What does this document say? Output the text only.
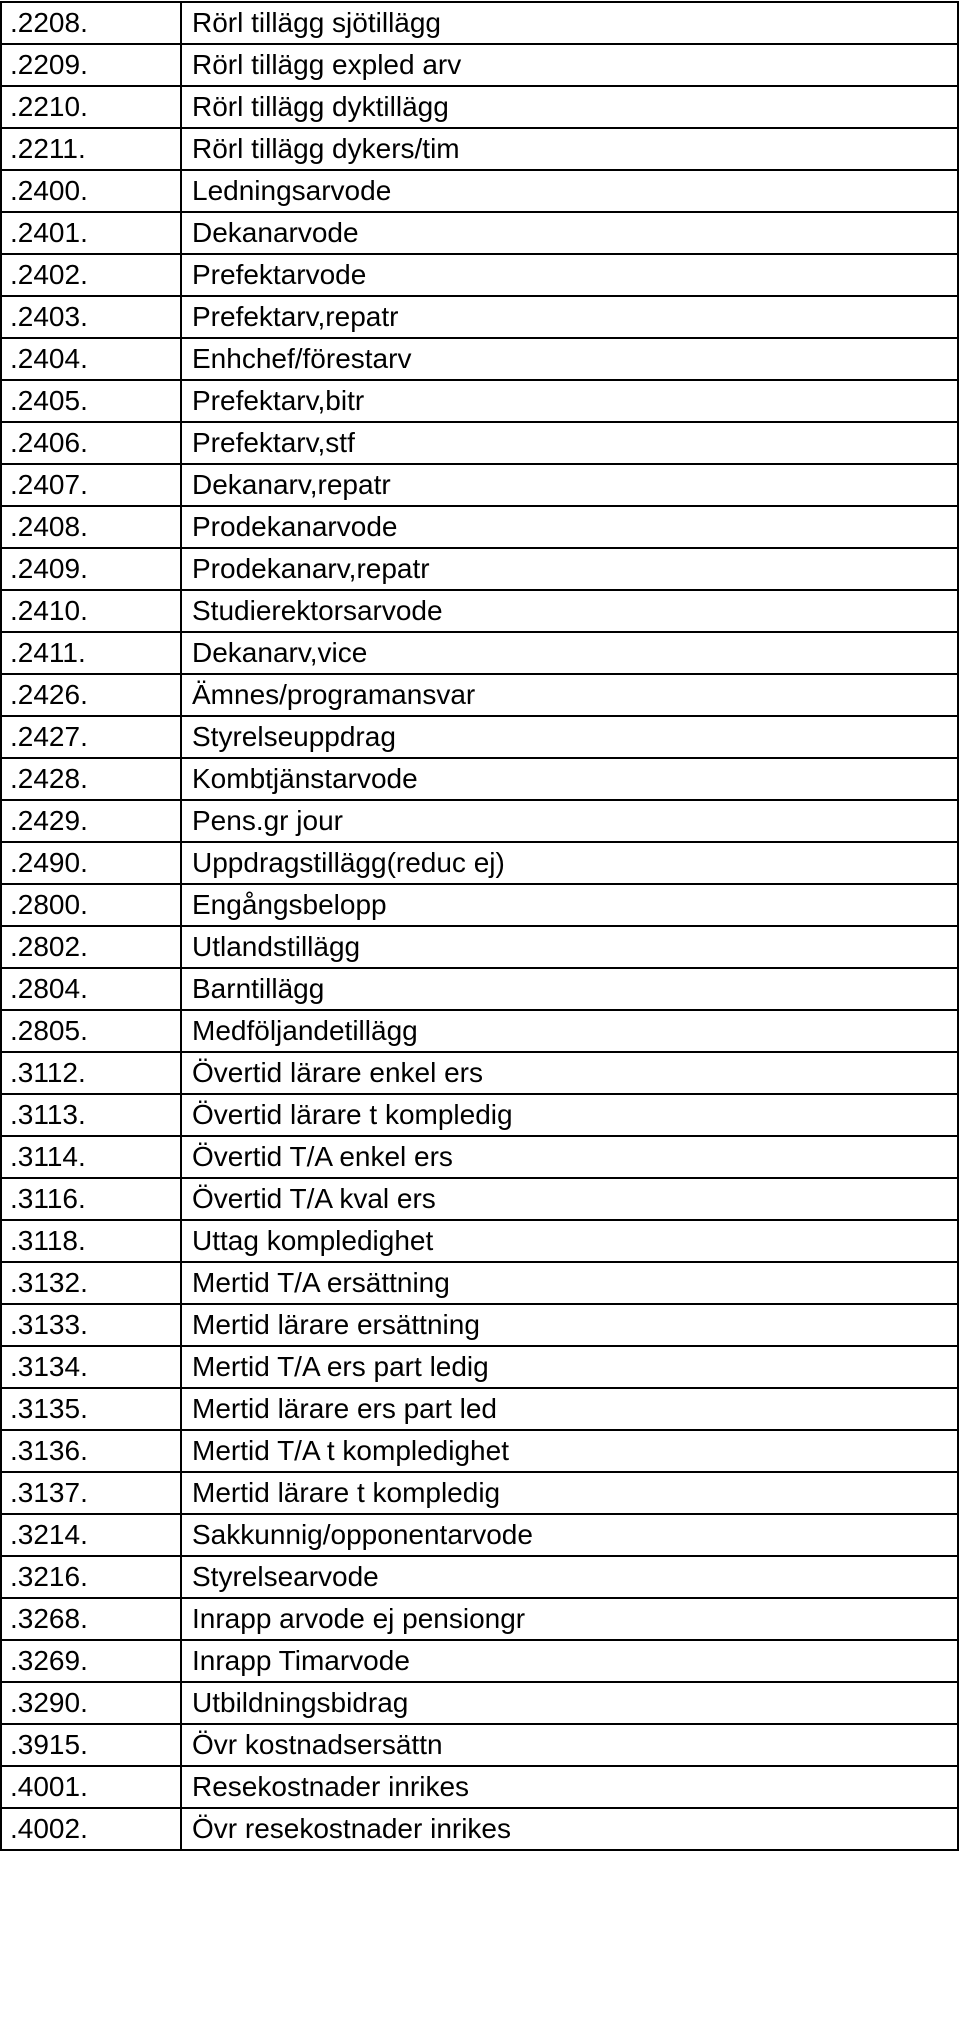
.2208.	Rörl tillägg sjötillägg
.2209.	Rörl tillägg expled arv
.2210.	Rörl tillägg dyktillägg
.2211.	Rörl tillägg dykers/tim
.2400.	Ledningsarvode
.2401.	Dekanarvode
.2402.	Prefektarvode
.2403.	Prefektarv,repatr
.2404.	Enhchef/förestarv
.2405.	Prefektarv,bitr
.2406.	Prefektarv,stf
.2407.	Dekanarv,repatr
.2408.	Prodekanarvode
.2409.	Prodekanarv,repatr
.2410.	Studierektorsarvode
.2411.	Dekanarv,vice
.2426.	Ämnes/programansvar
.2427.	Styrelseuppdrag
.2428.	Kombtjänstarvode
.2429.	Pens.gr jour
.2490.	Uppdragstillägg(reduc ej)
.2800.	Engångsbelopp
.2802.	Utlandstillägg
.2804.	Barntillägg
.2805.	Medföljandetillägg
.3112.	Övertid lärare enkel ers
.3113.	Övertid lärare t kompledig
.3114.	Övertid T/A enkel ers
.3116.	Övertid T/A kval ers
.3118.	Uttag kompledighet
.3132.	Mertid T/A ersättning
.3133.	Mertid lärare ersättning
.3134.	Mertid T/A ers part ledig
.3135.	Mertid lärare ers part led
.3136.	Mertid T/A t kompledighet
.3137.	Mertid lärare t kompledig
.3214.	Sakkunnig/opponentarvode
.3216.	Styrelsearvode
.3268.	Inrapp arvode ej pensiongr
.3269.	Inrapp Timarvode
.3290.	Utbildningsbidrag
.3915.	Övr kostnadsersättn
.4001.	Resekostnader inrikes
.4002.	Övr resekostnader inrikes
